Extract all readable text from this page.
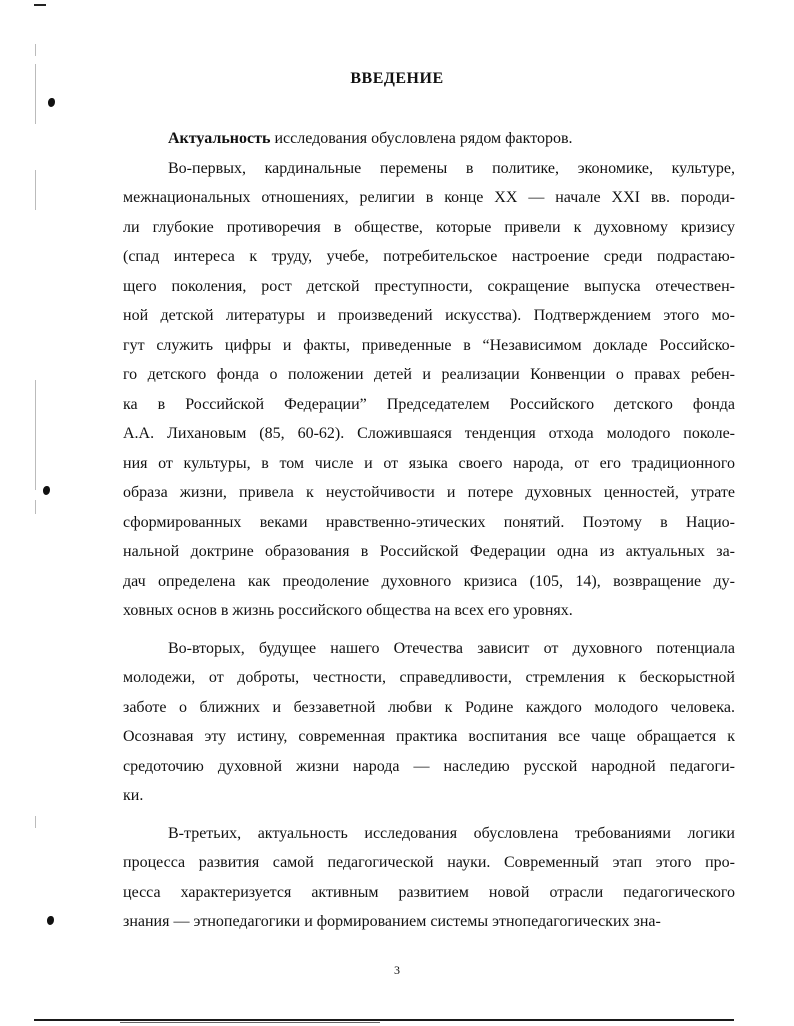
ВВЕДЕНИЕ
Актуальность исследования обусловлена рядом факторов.
Во-первых, кардинальные перемены в политике, экономике, культуре,
межнациональных отношениях, религии в конце XX — начале XXI вв. породи-
ли глубокие противоречия в обществе, которые привели к духовному кризису
(спад интереса к труду, учебе, потребительское настроение среди подрастаю-
щего поколения, рост детской преступности, сокращение выпуска отечествен-
ной детской литературы и произведений искусства). Подтверждением этого мо-
гут служить цифры и факты, приведенные в “Независимом докладе Российско-
го детского фонда о положении детей и реализации Конвенции о правах ребен-
ка в Российской Федерации” Председателем Российского детского фонда
А.А. Лихановым (85, 60-62). Сложившаяся тенденция отхода молодого поколе-
ния от культуры, в том числе и от языка своего народа, от его традиционного
образа жизни, привела к неустойчивости и потере духовных ценностей, утрате
сформированных веками нравственно-этических понятий. Поэтому в Нацио-
нальной доктрине образования в Российской Федерации одна из актуальных за-
дач определена как преодоление духовного кризиса (105, 14), возвращение ду-
ховных основ в жизнь российского общества на всех его уровнях.
Во-вторых, будущее нашего Отечества зависит от духовного потенциала
молодежи, от доброты, честности, справедливости, стремления к бескорыстной
заботе о ближних и беззаветной любви к Родине каждого молодого человека.
Осознавая эту истину, современная практика воспитания все чаще обращается к
средоточию духовной жизни народа — наследию русской народной педагоги-
ки.
В-третьих, актуальность исследования обусловлена требованиями логики
процесса развития самой педагогической науки. Современный этап этого про-
цесса характеризуется активным развитием новой отрасли педагогического
знания — этнопедагогики и формированием системы этнопедагогических зна-
3
